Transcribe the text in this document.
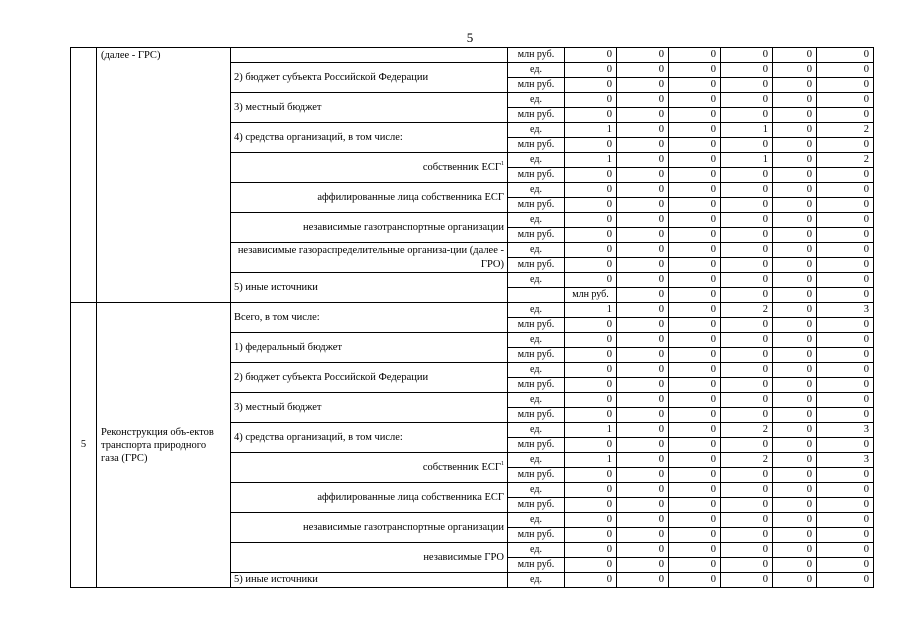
5
	(далее - ГРС)		млн руб.	0	0	0	0	0	0	
		2) бюджет субъекта Российской Федерации	ед.	0	0	0	0	0	0	
			млн руб.	0	0	0	0	0	0	
		3) местный бюджет	ед.	0	0	0	0	0	0	
			млн руб.	0	0	0	0	0	0	
		4) средства организаций, в том числе:	ед.	1	0	0	1	0	2	
			млн руб.	0	0	0	0	0	0	
		собственник ЕСГ$^1$	ед.	1	0	0	1	0	2	
			млн руб.	0	0	0	0	0	0	
		аффилированные лица собственника ЕСГ	ед.	0	0	0	0	0	0	
			млн руб.	0	0	0	0	0	0	
		независимые газотранспортные организации	ед.	0	0	0	0	0	0	
			млн руб.	0	0	0	0	0	0	
		независимые газораспределительные организа-ции (далее - ГРО)	ед.	0	0	0	0	0	0	
			млн руб.	0	0	0	0	0	0	
		5) иные источники	ед.	0	0	0	0	0	0	
				млн руб.	0	0	0	0	0	
5	Реконструкция объ-ектов транспорта природного газа (ГРС)	Всего, в том числе:	ед.	1	0	0	2	0	3	
			млн руб.	0	0	0	0	0	0	
		1) федеральный бюджет	ед.	0	0	0	0	0	0	
			млн руб.	0	0	0	0	0	0	
		2) бюджет субъекта Российской Федерации	ед.	0	0	0	0	0	0	
			млн руб.	0	0	0	0	0	0	
		3) местный бюджет	ед.	0	0	0	0	0	0	
			млн руб.	0	0	0	0	0	0	
		4) средства организаций, в том числе:	ед.	1	0	0	2	0	3	
			млн руб.	0	0	0	0	0	0	
		собственник ЕСГ$^1$	ед.	1	0	0	2	0	3	
			млн руб.	0	0	0	0	0	0	
		аффилированные лица собственника ЕСГ	ед.	0	0	0	0	0	0	
			млн руб.	0	0	0	0	0	0	
		независимые газотранспортные организации	ед.	0	0	0	0	0	0	
			млн руб.	0	0	0	0	0	0	
		независимые ГРО	ед.	0	0	0	0	0	0	
			млн руб.	0	0	0	0	0	0	
		5) иные источники	ед.	0	0	0	0	0	0	
